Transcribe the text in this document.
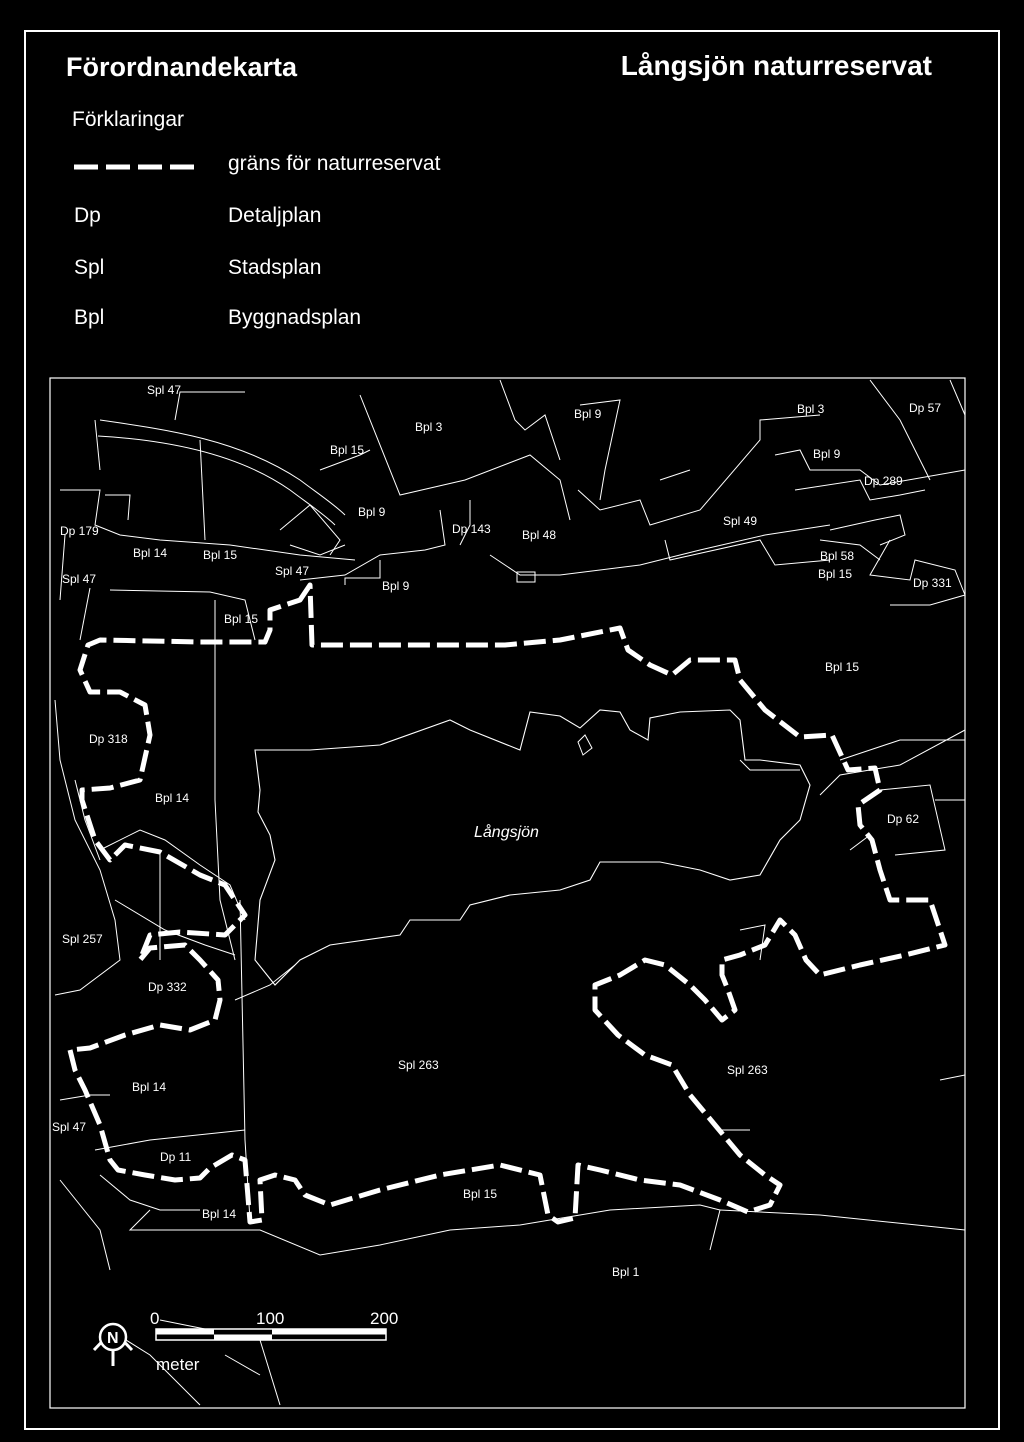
Förordnandekarta	Långsjön naturreservat
Förklaringar
gräns för naturreservat
Dp	Detaljplan
Spl	Stadsplan
Bpl	Byggnadsplan
Spl 47
Bpl 3
Bpl 9	Bpl 3	Dp 57
Bpl 15	Bpl 9
Dp 289
Bpl 9
Dp 143	Bpl 48
Spl 49
Dp 179
Bpl 14	Bpl 15	Bpl 58
Spl 47
Spl 47
Bpl 9
Bpl 15
Dp 331
Bpl 15
Bpl 15
Dp 318
Bpl 14
Dp 62
Spl 257
Dp 332
Spl 263	Spl 263
Bpl 14
Spl 47
Dp 11
Bpl 15
Bpl 14
Bpl 1
Långsjön
N
0	100	200
meter
